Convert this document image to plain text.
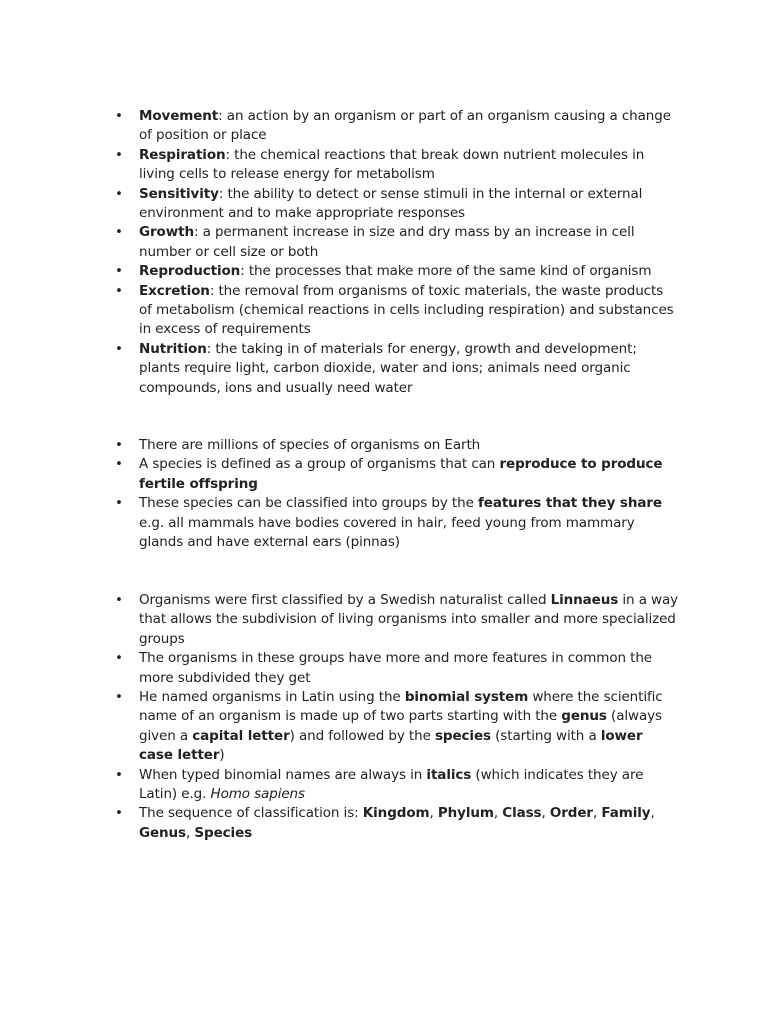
• Movement: an action by an organism or part of an organism causing a change of position or place
• Respiration: the chemical reactions that break down nutrient molecules in living cells to release energy for metabolism
• Sensitivity: the ability to detect or sense stimuli in the internal or external environment and to make appropriate responses
• Growth: a permanent increase in size and dry mass by an increase in cell number or cell size or both
• Reproduction: the processes that make more of the same kind of organism
• Excretion: the removal from organisms of toxic materials, the waste products of metabolism (chemical reactions in cells including respiration) and substances in excess of requirements
• Nutrition: the taking in of materials for energy, growth and development; plants require light, carbon dioxide, water and ions; animals need organic compounds, ions and usually need water
• There are millions of species of organisms on Earth
• A species is defined as a group of organisms that can reproduce to produce fertile offspring
• These species can be classified into groups by the features that they share e.g. all mammals have bodies covered in hair, feed young from mammary glands and have external ears (pinnas)
• Organisms were first classified by a Swedish naturalist called Linnaeus in a way that allows the subdivision of living organisms into smaller and more specialized groups
• The organisms in these groups have more and more features in common the more subdivided they get
• He named organisms in Latin using the binomial system where the scientific name of an organism is made up of two parts starting with the genus (always given a capital letter) and followed by the species (starting with a lower case letter)
• When typed binomial names are always in italics (which indicates they are Latin) e.g. Homo sapiens
• The sequence of classification is: Kingdom, Phylum, Class, Order, Family, Genus, Species
